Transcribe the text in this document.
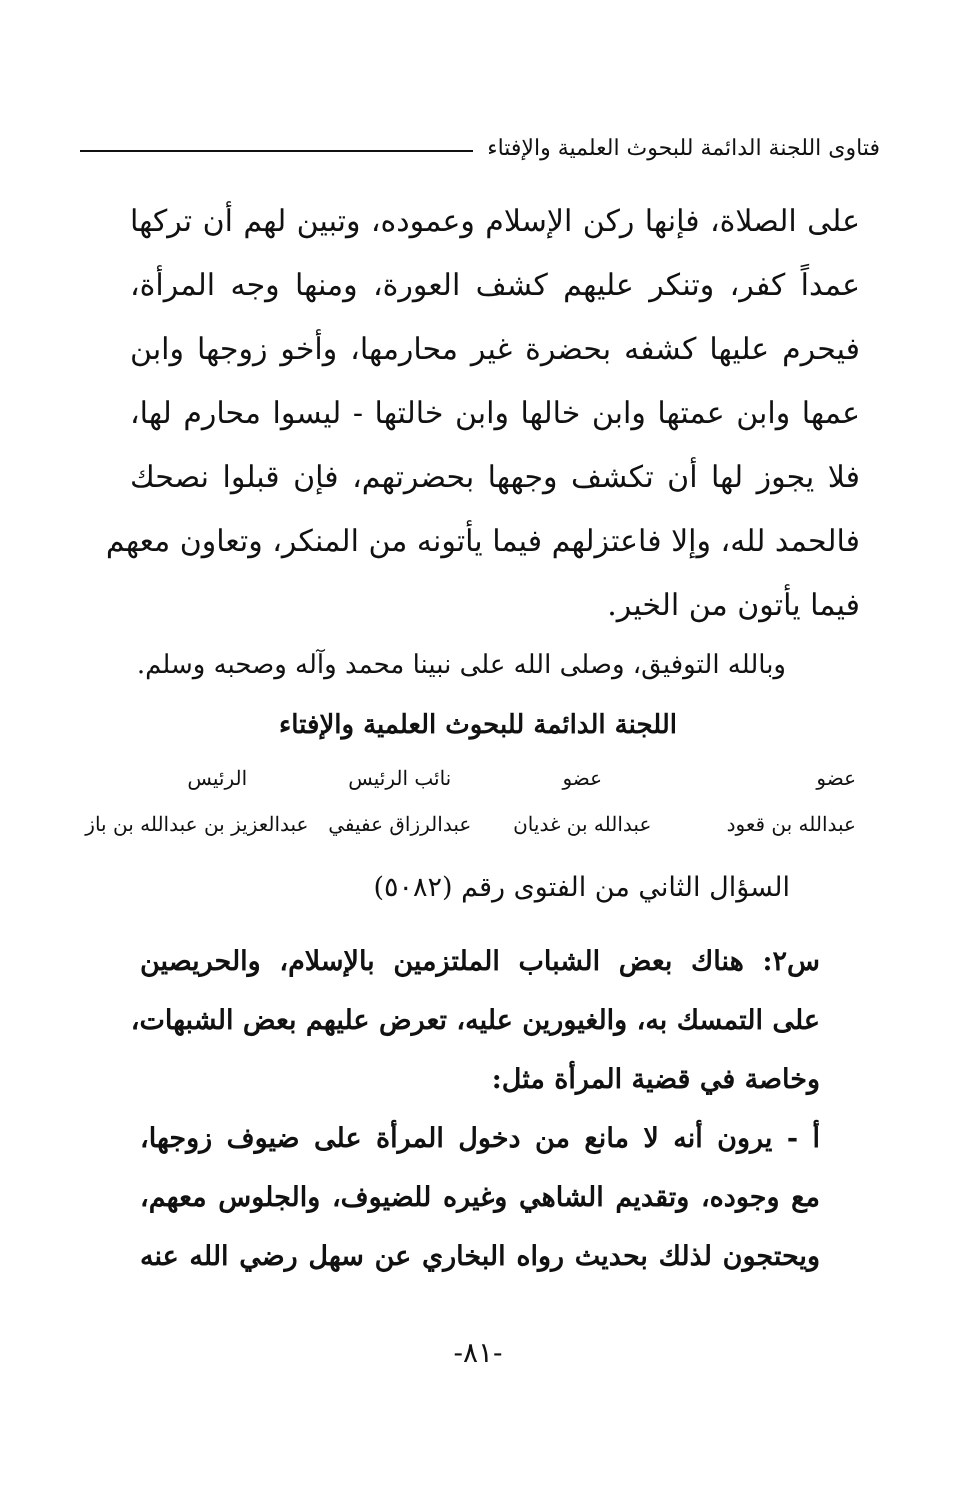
فتاوى اللجنة الدائمة للبحوث العلمية والإفتاء
على الصلاة، فإنها ركن الإسلام وعموده، وتبين لهم أن تركها
عمداً كفر، وتنكر عليهم كشف العورة، ومنها وجه المرأة،
فيحرم عليها كشفه بحضرة غير محارمها، وأخو زوجها وابن
عمها وابن عمتها وابن خالها وابن خالتها - ليسوا محارم لها،
فلا يجوز لها أن تكشف وجهها بحضرتهم، فإن قبلوا نصحك
فالحمد لله، وإلا فاعتزلهم فيما يأتونه من المنكر، وتعاون معهم
فيما يأتون من الخير.
وبالله التوفيق، وصلى الله على نبينا محمد وآله وصحبه وسلم.
اللجنة الدائمة للبحوث العلمية والإفتاء
عضو
عضو
نائب الرئيس
الرئيس
عبدالله بن قعود
عبدالله بن غديان
عبدالرزاق عفيفي
عبدالعزيز بن عبدالله بن باز
السؤال الثاني من الفتوى رقم (٥٠٨٢)
س٢: هناك بعض الشباب الملتزمين بالإسلام، والحريصين
على التمسك به، والغيورين عليه، تعرض عليهم بعض الشبهات،
وخاصة في قضية المرأة مثل:
أ - يرون أنه لا مانع من دخول المرأة على ضيوف زوجها،
مع وجوده، وتقديم الشاهي وغيره للضيوف، والجلوس معهم،
ويحتجون لذلك بحديث رواه البخاري عن سهل رضي الله عنه
-٨١-
